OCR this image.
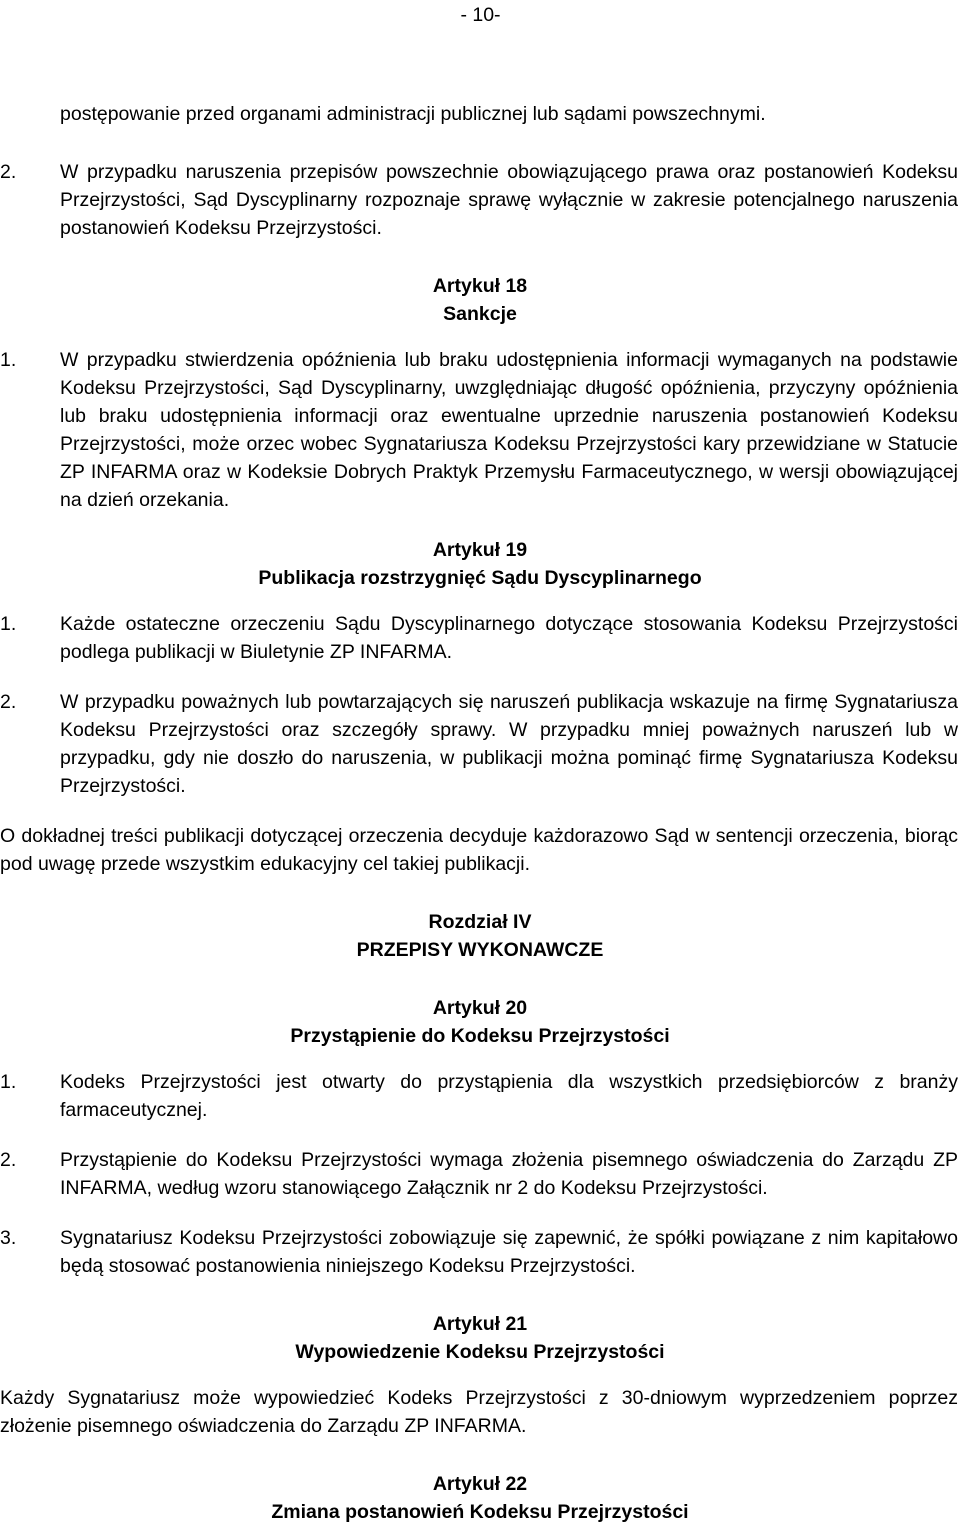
- 10-

postępowanie przed organami administracji publicznej lub sądami powszechnymi.

2. W przypadku naruszenia przepisów powszechnie obowiązującego prawa oraz postanowień Kodeksu Przejrzystości, Sąd Dyscyplinarny rozpoznaje sprawę wyłącznie w zakresie potencjalnego naruszenia postanowień Kodeksu Przejrzystości.

Artykuł 18

Sankcje

1. W przypadku stwierdzenia opóźnienia lub braku udostępnienia informacji wymaganych na podstawie Kodeksu Przejrzystości, Sąd Dyscyplinarny, uwzględniając długość opóźnienia, przyczyny opóźnienia lub braku udostępnienia informacji oraz ewentualne uprzednie naruszenia postanowień Kodeksu Przejrzystości, może orzec wobec Sygnatariusza Kodeksu Przejrzystości kary przewidziane w Statucie ZP INFARMA oraz w Kodeksie Dobrych Praktyk Przemysłu Farmaceutycznego, w wersji obowiązującej na dzień orzekania.

Artykuł 19

Publikacja rozstrzygnięć Sądu Dyscyplinarnego

1. Każde ostateczne orzeczeniu Sądu Dyscyplinarnego dotyczące stosowania Kodeksu Przejrzystości podlega publikacji w Biuletynie ZP INFARMA.
2. W przypadku poważnych lub powtarzających się naruszeń publikacja wskazuje na firmę Sygnatariusza Kodeksu Przejrzystości oraz szczegóły sprawy. W przypadku mniej poważnych naruszeń lub w przypadku, gdy nie doszło do naruszenia, w publikacji można pominąć firmę Sygnatariusza Kodeksu Przejrzystości.

O dokładnej treści publikacji dotyczącej orzeczenia decyduje każdorazowo Sąd w sentencji orzeczenia, biorąc pod uwagę przede wszystkim edukacyjny cel takiej publikacji.

Rozdział IV

PRZEPISY WYKONAWCZE

Artykuł 20

Przystąpienie do Kodeksu Przejrzystości

1. Kodeks Przejrzystości jest otwarty do przystąpienia dla wszystkich przedsiębiorców z branży farmaceutycznej.
2. Przystąpienie do Kodeksu Przejrzystości wymaga złożenia pisemnego oświadczenia do Zarządu ZP INFARMA, według wzoru stanowiącego Załącznik nr 2 do Kodeksu Przejrzystości.
3. Sygnatariusz Kodeksu Przejrzystości zobowiązuje się zapewnić, że spółki powiązane z nim kapitałowo będą stosować postanowienia niniejszego Kodeksu Przejrzystości.

Artykuł 21

Wypowiedzenie Kodeksu Przejrzystości

Każdy Sygnatariusz może wypowiedzieć Kodeks Przejrzystości z 30-dniowym wyprzedzeniem poprzez złożenie pisemnego oświadczenia do Zarządu ZP INFARMA.

Artykuł 22

Zmiana postanowień Kodeksu Przejrzystości
